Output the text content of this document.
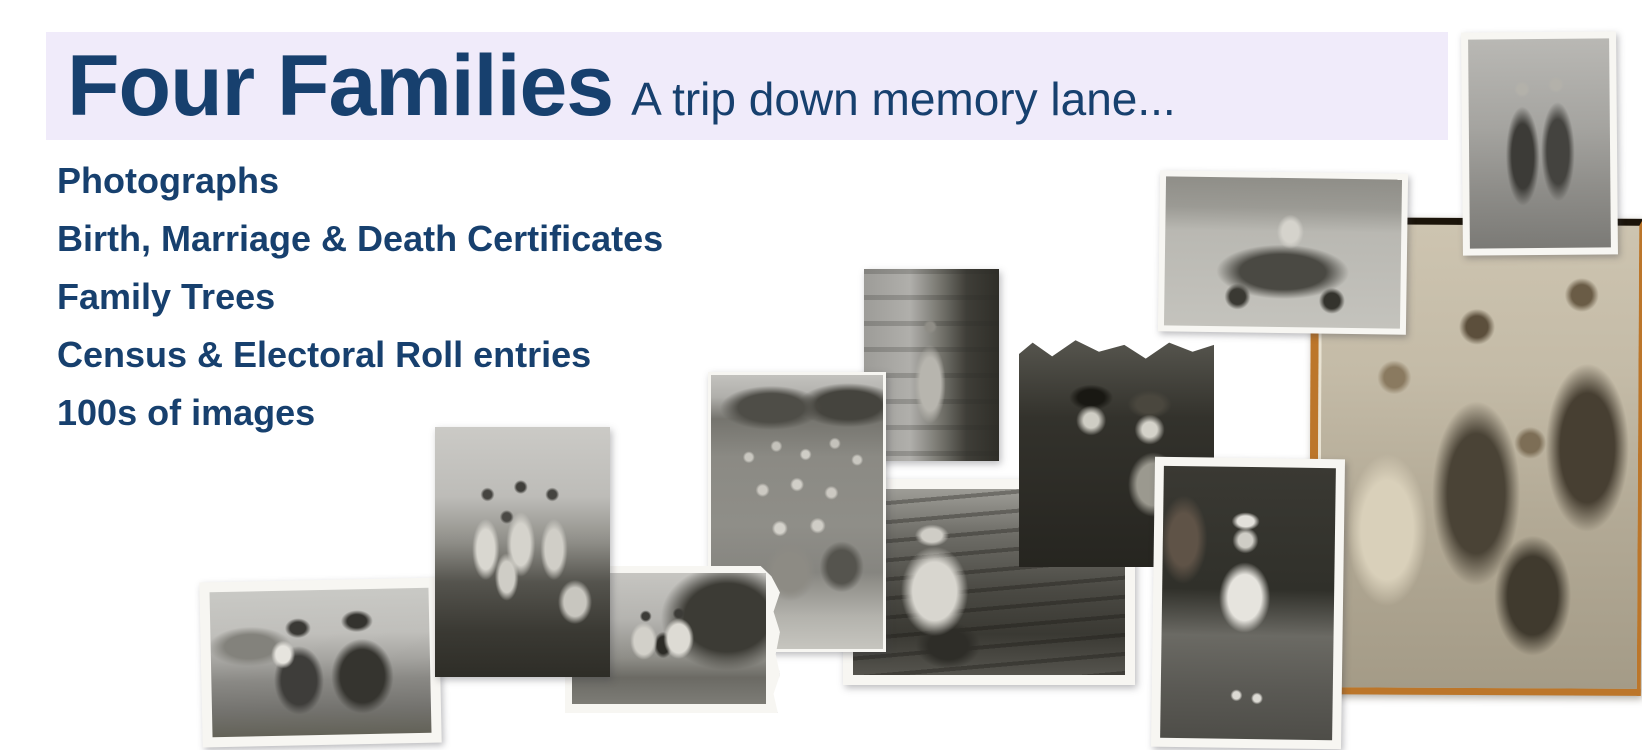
Four Families A trip down memory lane...
Photographs
Birth, Marriage & Death Certificates
Family Trees
Census & Electoral Roll entries
100s of images
